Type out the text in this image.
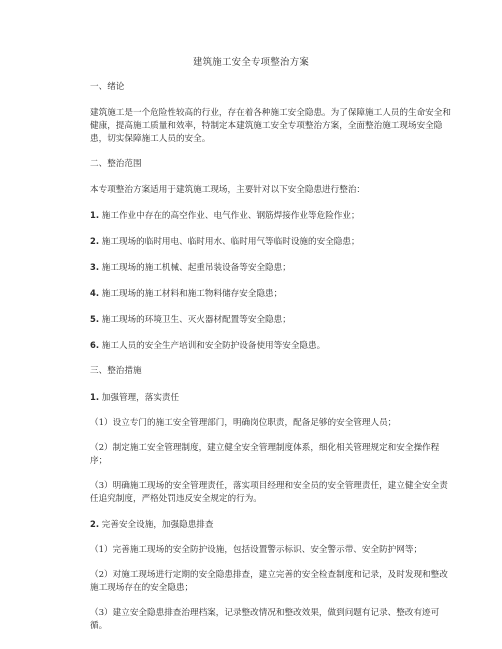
建筑施工安全专项整治方案
一、绪论
建筑施工是一个危险性较高的行业，存在着各种施工安全隐患。为了保障施工人员的生命安全和健康，提高施工质量和效率，特制定本建筑施工安全专项整治方案，全面整治施工现场安全隐患，切实保障施工人员的安全。
二、整治范围
本专项整治方案适用于建筑施工现场，主要针对以下安全隐患进行整治：
1. 施工作业中存在的高空作业、电气作业、钢筋焊接作业等危险作业；
2. 施工现场的临时用电、临时用水、临时用气等临时设施的安全隐患；
3. 施工现场的施工机械、起重吊装设备等安全隐患；
4. 施工现场的施工材料和施工物料储存安全隐患；
5. 施工现场的环境卫生、灭火器材配置等安全隐患；
6. 施工人员的安全生产培训和安全防护设备使用等安全隐患。
三、整治措施
1. 加强管理，落实责任
（1）设立专门的施工安全管理部门，明确岗位职责，配备足够的安全管理人员；
（2）制定施工安全管理制度，建立健全安全管理制度体系，细化相关管理规定和安全操作程序；
（3）明确施工现场的安全管理责任，落实项目经理和安全员的安全管理责任，建立健全安全责任追究制度，严格处罚违反安全规定的行为。
2. 完善安全设施，加强隐患排查
（1）完善施工现场的安全防护设施，包括设置警示标识、安全警示带、安全防护网等；
（2）对施工现场进行定期的安全隐患排查，建立完善的安全检查制度和记录，及时发现和整改施工现场存在的安全隐患；
（3）建立安全隐患排查治理档案，记录整改情况和整改效果，做到问题有记录、整改有迹可循。
